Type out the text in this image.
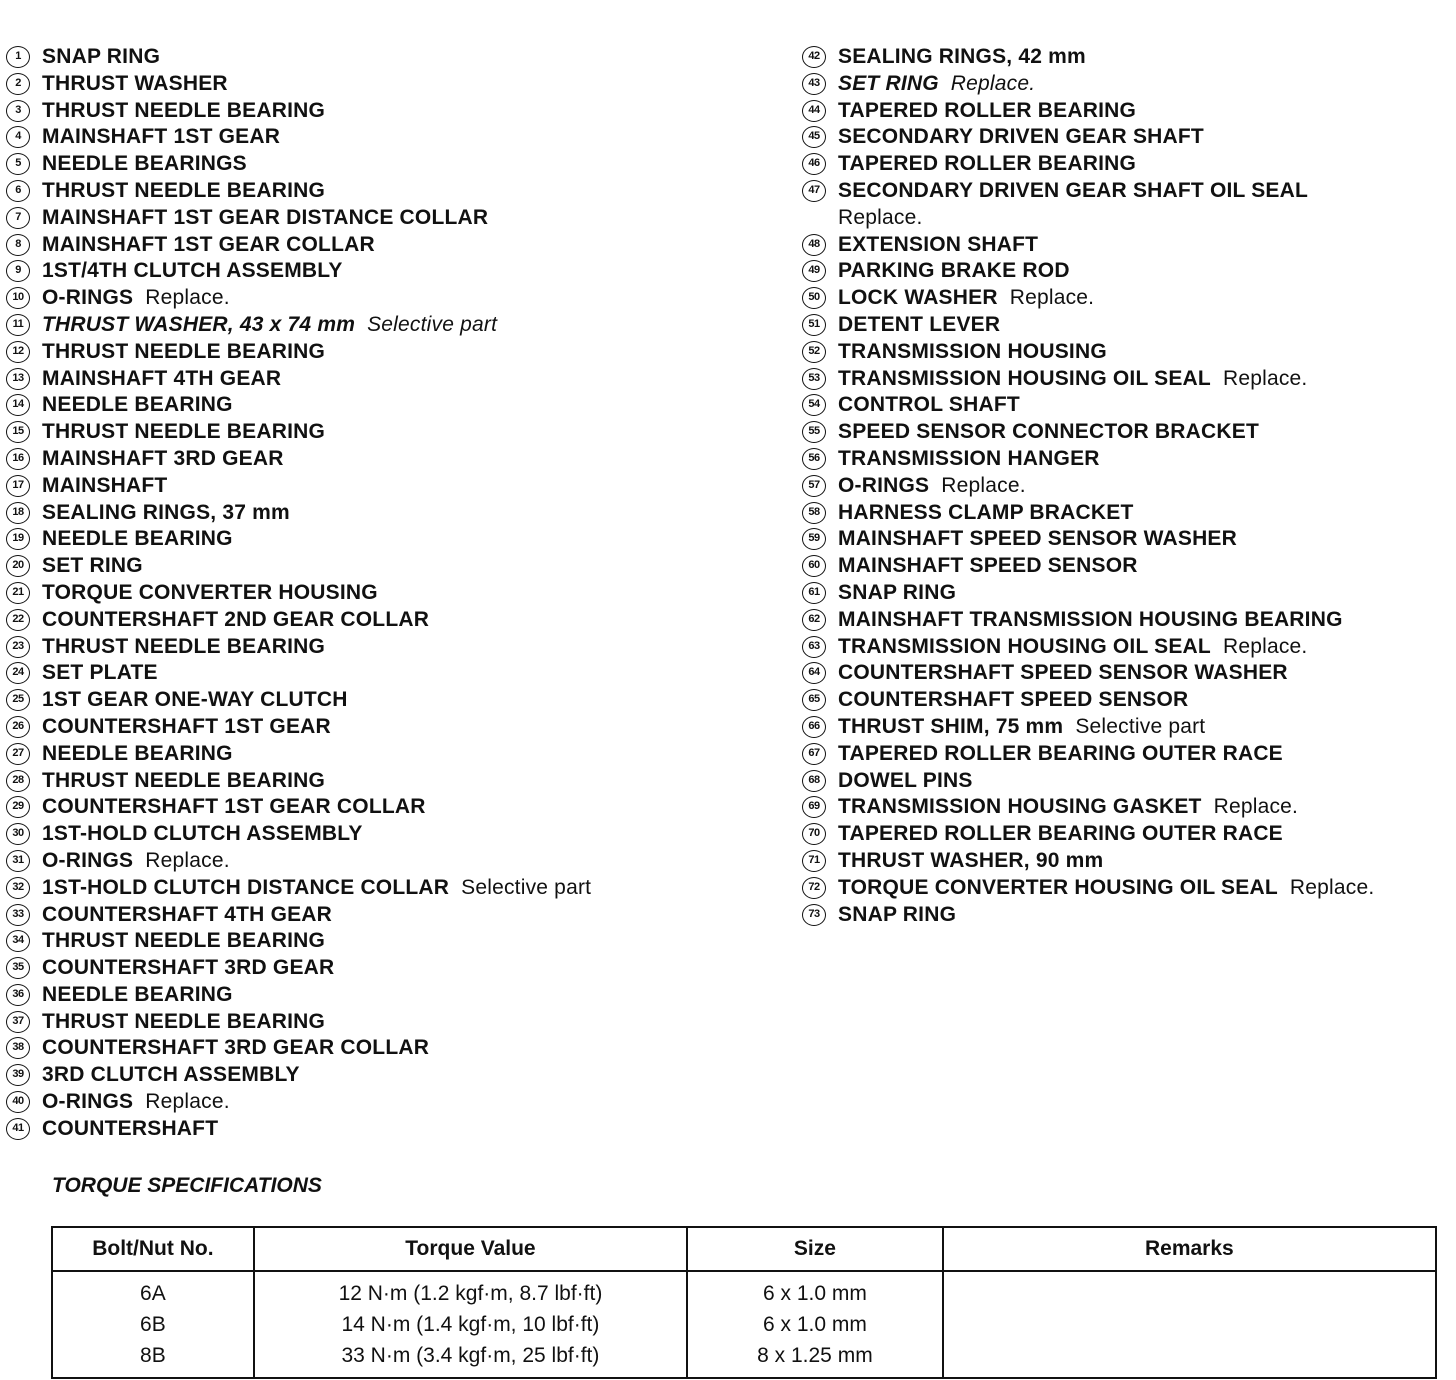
1	SNAP RING
2	THRUST WASHER
3	THRUST NEEDLE BEARING
4	MAINSHAFT 1ST GEAR
5	NEEDLE BEARINGS
6	THRUST NEEDLE BEARING
7	MAINSHAFT 1ST GEAR DISTANCE COLLAR
8	MAINSHAFT 1ST GEAR COLLAR
9	1ST/4TH CLUTCH ASSEMBLY
10 O-RINGS Replace.
11 THRUST WASHER, 43 x 74 mm Selective part
12 THRUST NEEDLE BEARING
13 MAINSHAFT 4TH GEAR
14 NEEDLE BEARING
15 THRUST NEEDLE BEARING
16 MAINSHAFT 3RD GEAR
17 MAINSHAFT
18 SEALING RINGS, 37 mm
19 NEEDLE BEARING
20 SET RING
21 TORQUE CONVERTER HOUSING
22 COUNTERSHAFT 2ND GEAR COLLAR
23 THRUST NEEDLE BEARING
24 SET PLATE
25 1ST GEAR ONE-WAY CLUTCH
26 COUNTERSHAFT 1ST GEAR
27 NEEDLE BEARING
28 THRUST NEEDLE BEARING
29 COUNTERSHAFT 1ST GEAR COLLAR
30 1ST-HOLD CLUTCH ASSEMBLY
31 O-RINGS Replace.
32 1ST-HOLD CLUTCH DISTANCE COLLAR Selective part
33 COUNTERSHAFT 4TH GEAR
34 THRUST NEEDLE BEARING
35 COUNTERSHAFT 3RD GEAR
36 NEEDLE BEARING
37 THRUST NEEDLE BEARING
38 COUNTERSHAFT 3RD GEAR COLLAR
39 3RD CLUTCH ASSEMBLY
40 O-RINGS Replace.
41 COUNTERSHAFT
42 SEALING RINGS, 42 mm
43 SET RING Replace.
44 TAPERED ROLLER BEARING
45 SECONDARY DRIVEN GEAR SHAFT
46 TAPERED ROLLER BEARING
47 SECONDARY DRIVEN GEAR SHAFT OIL SEAL
Replace.
48 EXTENSION SHAFT
49 PARKING BRAKE ROD
50 LOCK WASHER Replace.
51 DETENT LEVER
52 TRANSMISSION HOUSING
53 TRANSMISSION HOUSING OIL SEAL Replace.
54 CONTROL SHAFT
55 SPEED SENSOR CONNECTOR BRACKET
56 TRANSMISSION HANGER
57 O-RINGS Replace.
58 HARNESS CLAMP BRACKET
59 MAINSHAFT SPEED SENSOR WASHER
60 MAINSHAFT SPEED SENSOR
61 SNAP RING
62 MAINSHAFT TRANSMISSION HOUSING BEARING
63 TRANSMISSION HOUSING OIL SEAL Replace.
64 COUNTERSHAFT SPEED SENSOR WASHER
65 COUNTERSHAFT SPEED SENSOR
66 THRUST SHIM, 75 mm Selective part
67 TAPERED ROLLER BEARING OUTER RACE
68 DOWEL PINS
69 TRANSMISSION HOUSING GASKET Replace.
70 TAPERED ROLLER BEARING OUTER RACE
71 THRUST WASHER, 90 mm
72 TORQUE CONVERTER HOUSING OIL SEAL Replace.
73 SNAP RING
TORQUE SPECIFICATIONS
Bolt/Nut No.	Torque Value	Size	Remarks
6A	12 N·m (1.2 kgf·m, 8.7 lbf·ft)	6 x 1.0 mm	
6B	14 N·m (1.4 kgf·m, 10 lbf·ft)	6 x 1.0 mm	
8B	33 N·m (3.4 kgf·m, 25 lbf·ft)	8 x 1.25 mm	
